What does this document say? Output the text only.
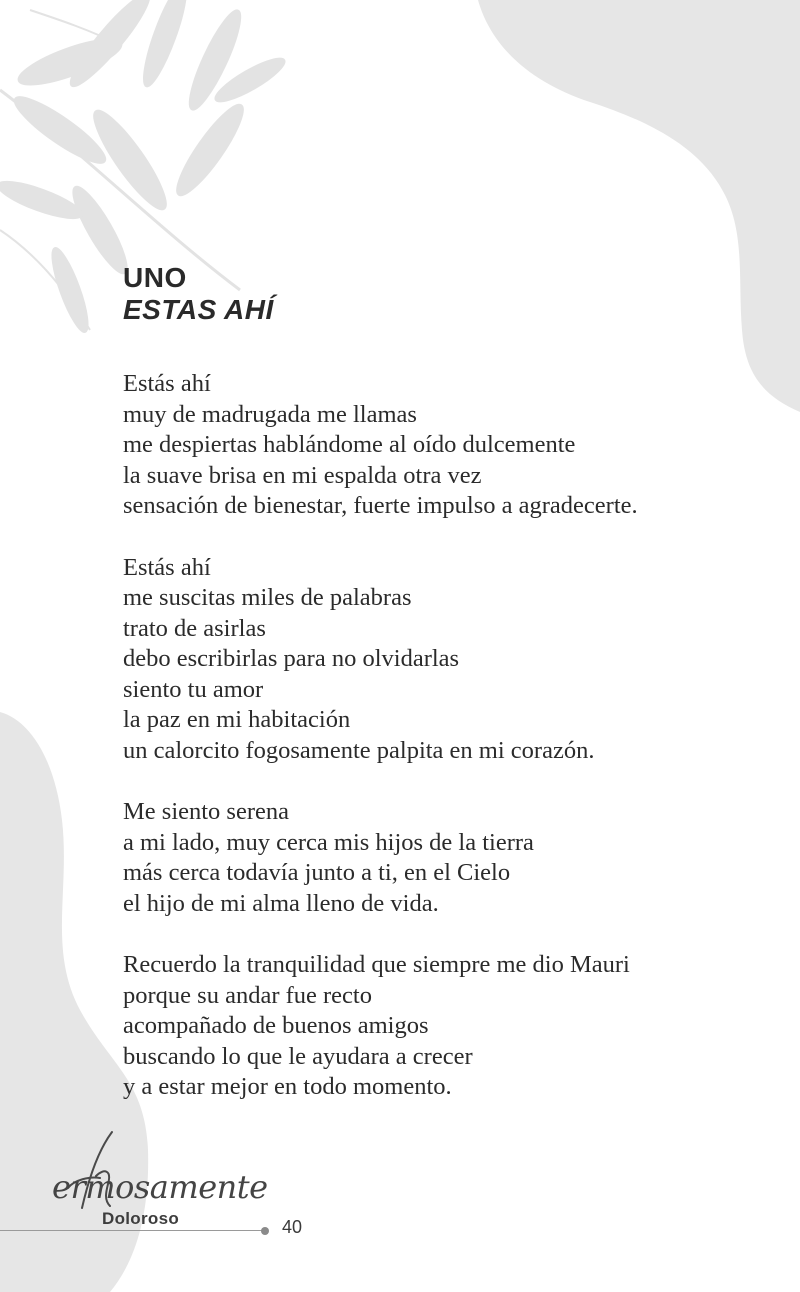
UNO
ESTAS AHÍ
Estás ahí
muy de madrugada me llamas
me despiertas hablándome al oído dulcemente
la suave brisa en mi espalda otra vez
sensación de bienestar, fuerte impulso a agradecerte.
Estás ahí
me suscitas miles de palabras
trato de asirlas
debo escribirlas para no olvidarlas
siento tu amor
la paz en mi habitación
un calorcito fogosamente palpita en mi corazón.
Me siento serena
a mi lado, muy cerca mis hijos de la tierra
más cerca todavía junto a ti, en el Cielo
el hijo de mi alma lleno de vida.
Recuerdo la tranquilidad que siempre me dio Mauri
porque su andar fue recto
acompañado de buenos amigos
buscando lo que le ayudara a crecer
y a estar mejor en todo momento.
ermosamente
Doloroso	40
